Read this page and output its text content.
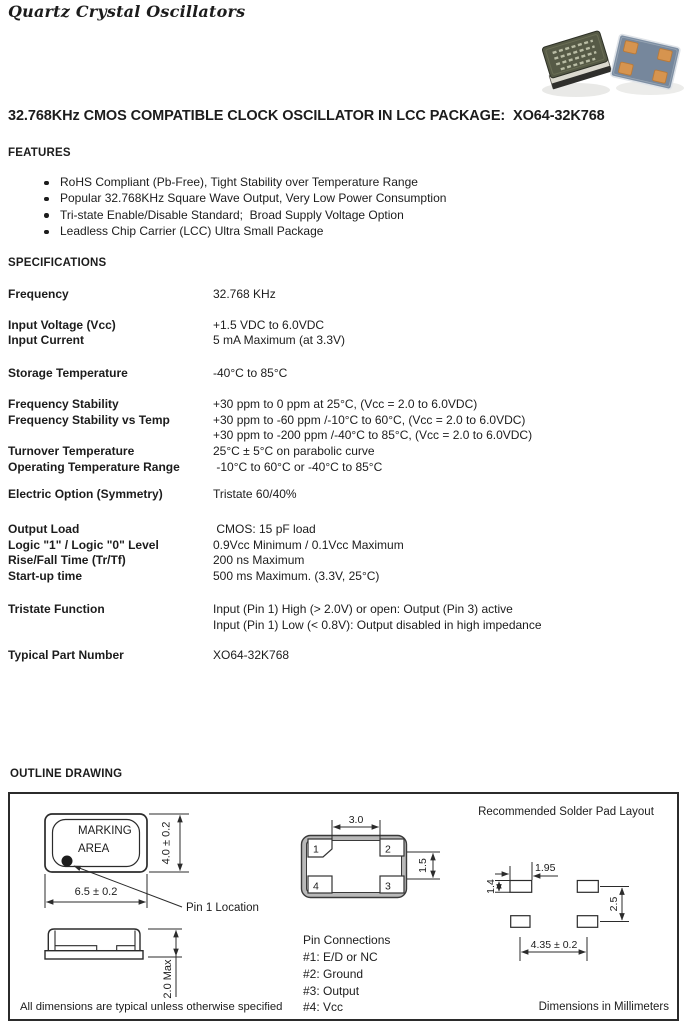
Quartz Crystal Oscillators
32.768KHz CMOS COMPATIBLE CLOCK OSCILLATOR IN LCC PACKAGE:  XO64-32K768
FEATURES
RoHS Compliant (Pb-Free), Tight Stability over Temperature Range
Popular 32.768KHz Square Wave Output, Very Low Power Consumption
Tri-state Enable/Disable Standard;  Broad Supply Voltage Option
Leadless Chip Carrier (LCC) Ultra Small Package
SPECIFICATIONS
Frequency	32.768 KHz
Input Voltage (Vcc)	+1.5 VDC to 6.0VDC
Input Current	5 mA Maximum (at 3.3V)
Storage Temperature	-40°C to 85°C
Frequency Stability	+30 ppm to 0 ppm at 25°C, (Vcc = 2.0 to 6.0VDC)
Frequency Stability vs Temp	+30 ppm to -60 ppm /-10°C to 60°C, (Vcc = 2.0 to 6.0VDC)
+30 ppm to -200 ppm /-40°C to 85°C, (Vcc = 2.0 to 6.0VDC)
Turnover Temperature	25°C ± 5°C on parabolic curve
Operating Temperature Range	-10°C to 60°C or -40°C to 85°C
Electric Option (Symmetry)	Tristate 60/40%
Output Load	CMOS: 15 pF load
Logic "1" / Logic "0" Level	0.9Vcc Minimum / 0.1Vcc Maximum
Rise/Fall Time (Tr/Tf)	200 ns Maximum
Start-up time	500 ms Maximum. (3.3V, 25°C)
Tristate Function	Input (Pin 1) High (> 2.0V) or open: Output (Pin 3) active
Input (Pin 1) Low (< 0.8V): Output disabled in high impedance
Typical Part Number	XO64-32K768
OUTLINE DRAWING
MARKING
AREA	4.0 ± 0.2
6.5 ± 0.2
Pin 1 Location
2.0 Max
All dimensions are typical unless otherwise specified
1	2
3
4
3.0
1.5
Pin Connections
#1: E/D or NC
#2: Ground
#3: Output
#4: Vcc
Recommended Solder Pad Layout
1.95
1.4
2.5
4.35 ± 0.2
Dimensions in Millimeters
